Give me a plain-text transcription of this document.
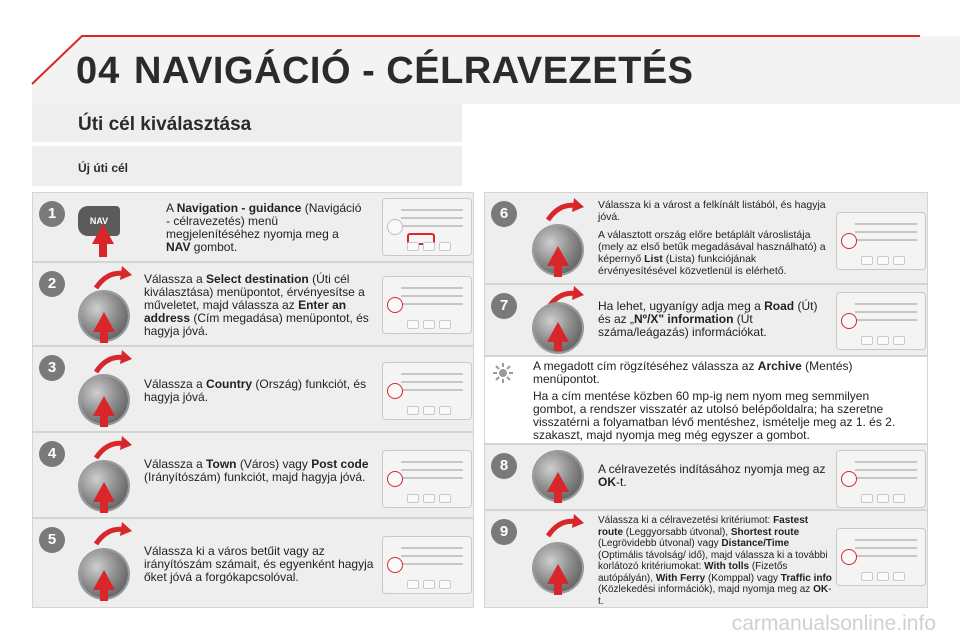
04 NAVIGÁCIÓ - CÉLRAVEZETÉS
Úti cél kiválasztása
Új úti cél
1	NAV
A Navigation - guidance (Navigáció - célravezetés) menü megjelenítéséhez nyomja meg a NAV gombot.
2	Válassza a Select destination (Úti cél kiválasztása) menüpontot, érvényesítse a műveletet, majd válassza az Enter an address (Cím megadása) menüpontot, és hagyja jóvá.
3
Válassza a Country (Ország) funkciót, és hagyja jóvá.
4
Válassza a Town (Város) vagy Post code (Irányítószám) funkciót, majd hagyja jóvá.
5
Válassza ki a város betűit vagy az irányítószám számait, és egyenként hagyja őket jóvá a forgókapcsolóval.
6	Válassza ki a várost a felkínált listából, és hagyja jóvá.
A választott ország előre betáplált városlistája (mely az első betűk megadásával használható) a képernyő List (Lista) funkciójának érvényesítésével közvetlenül is elérhető.
7	Ha lehet, ugyanígy adja meg a Road (Út) és az „Nº/X" information (Út száma/leágazás) információkat.
A megadott cím rögzítéséhez válassza az Archive (Mentés) menüpontot.
Ha a cím mentése közben 60 mp-ig nem nyom meg semmilyen gombot, a rendszer visszatér az utolsó belépőoldalra; ha szeretne visszatérni a folyamatban lévő mentéshez, ismételje meg az 1. és 2. szakaszt, majd nyomja meg még egyszer a gombot.
8	A célravezetés indításához nyomja meg az OK-t.
9
Válassza ki a célravezetési kritériumot: Fastest route (Leggyorsabb útvonal), Shortest route (Legrövidebb útvonal) vagy Distance/Time (Optimális távolság/ idő), majd válassza ki a további korlátozó kritériumokat: With tolls (Fizetős autópályán), With Ferry (Komppal) vagy Traffic info (Közlekedési információk), majd nyomja meg az OK-t.
carmanualsonline.info
